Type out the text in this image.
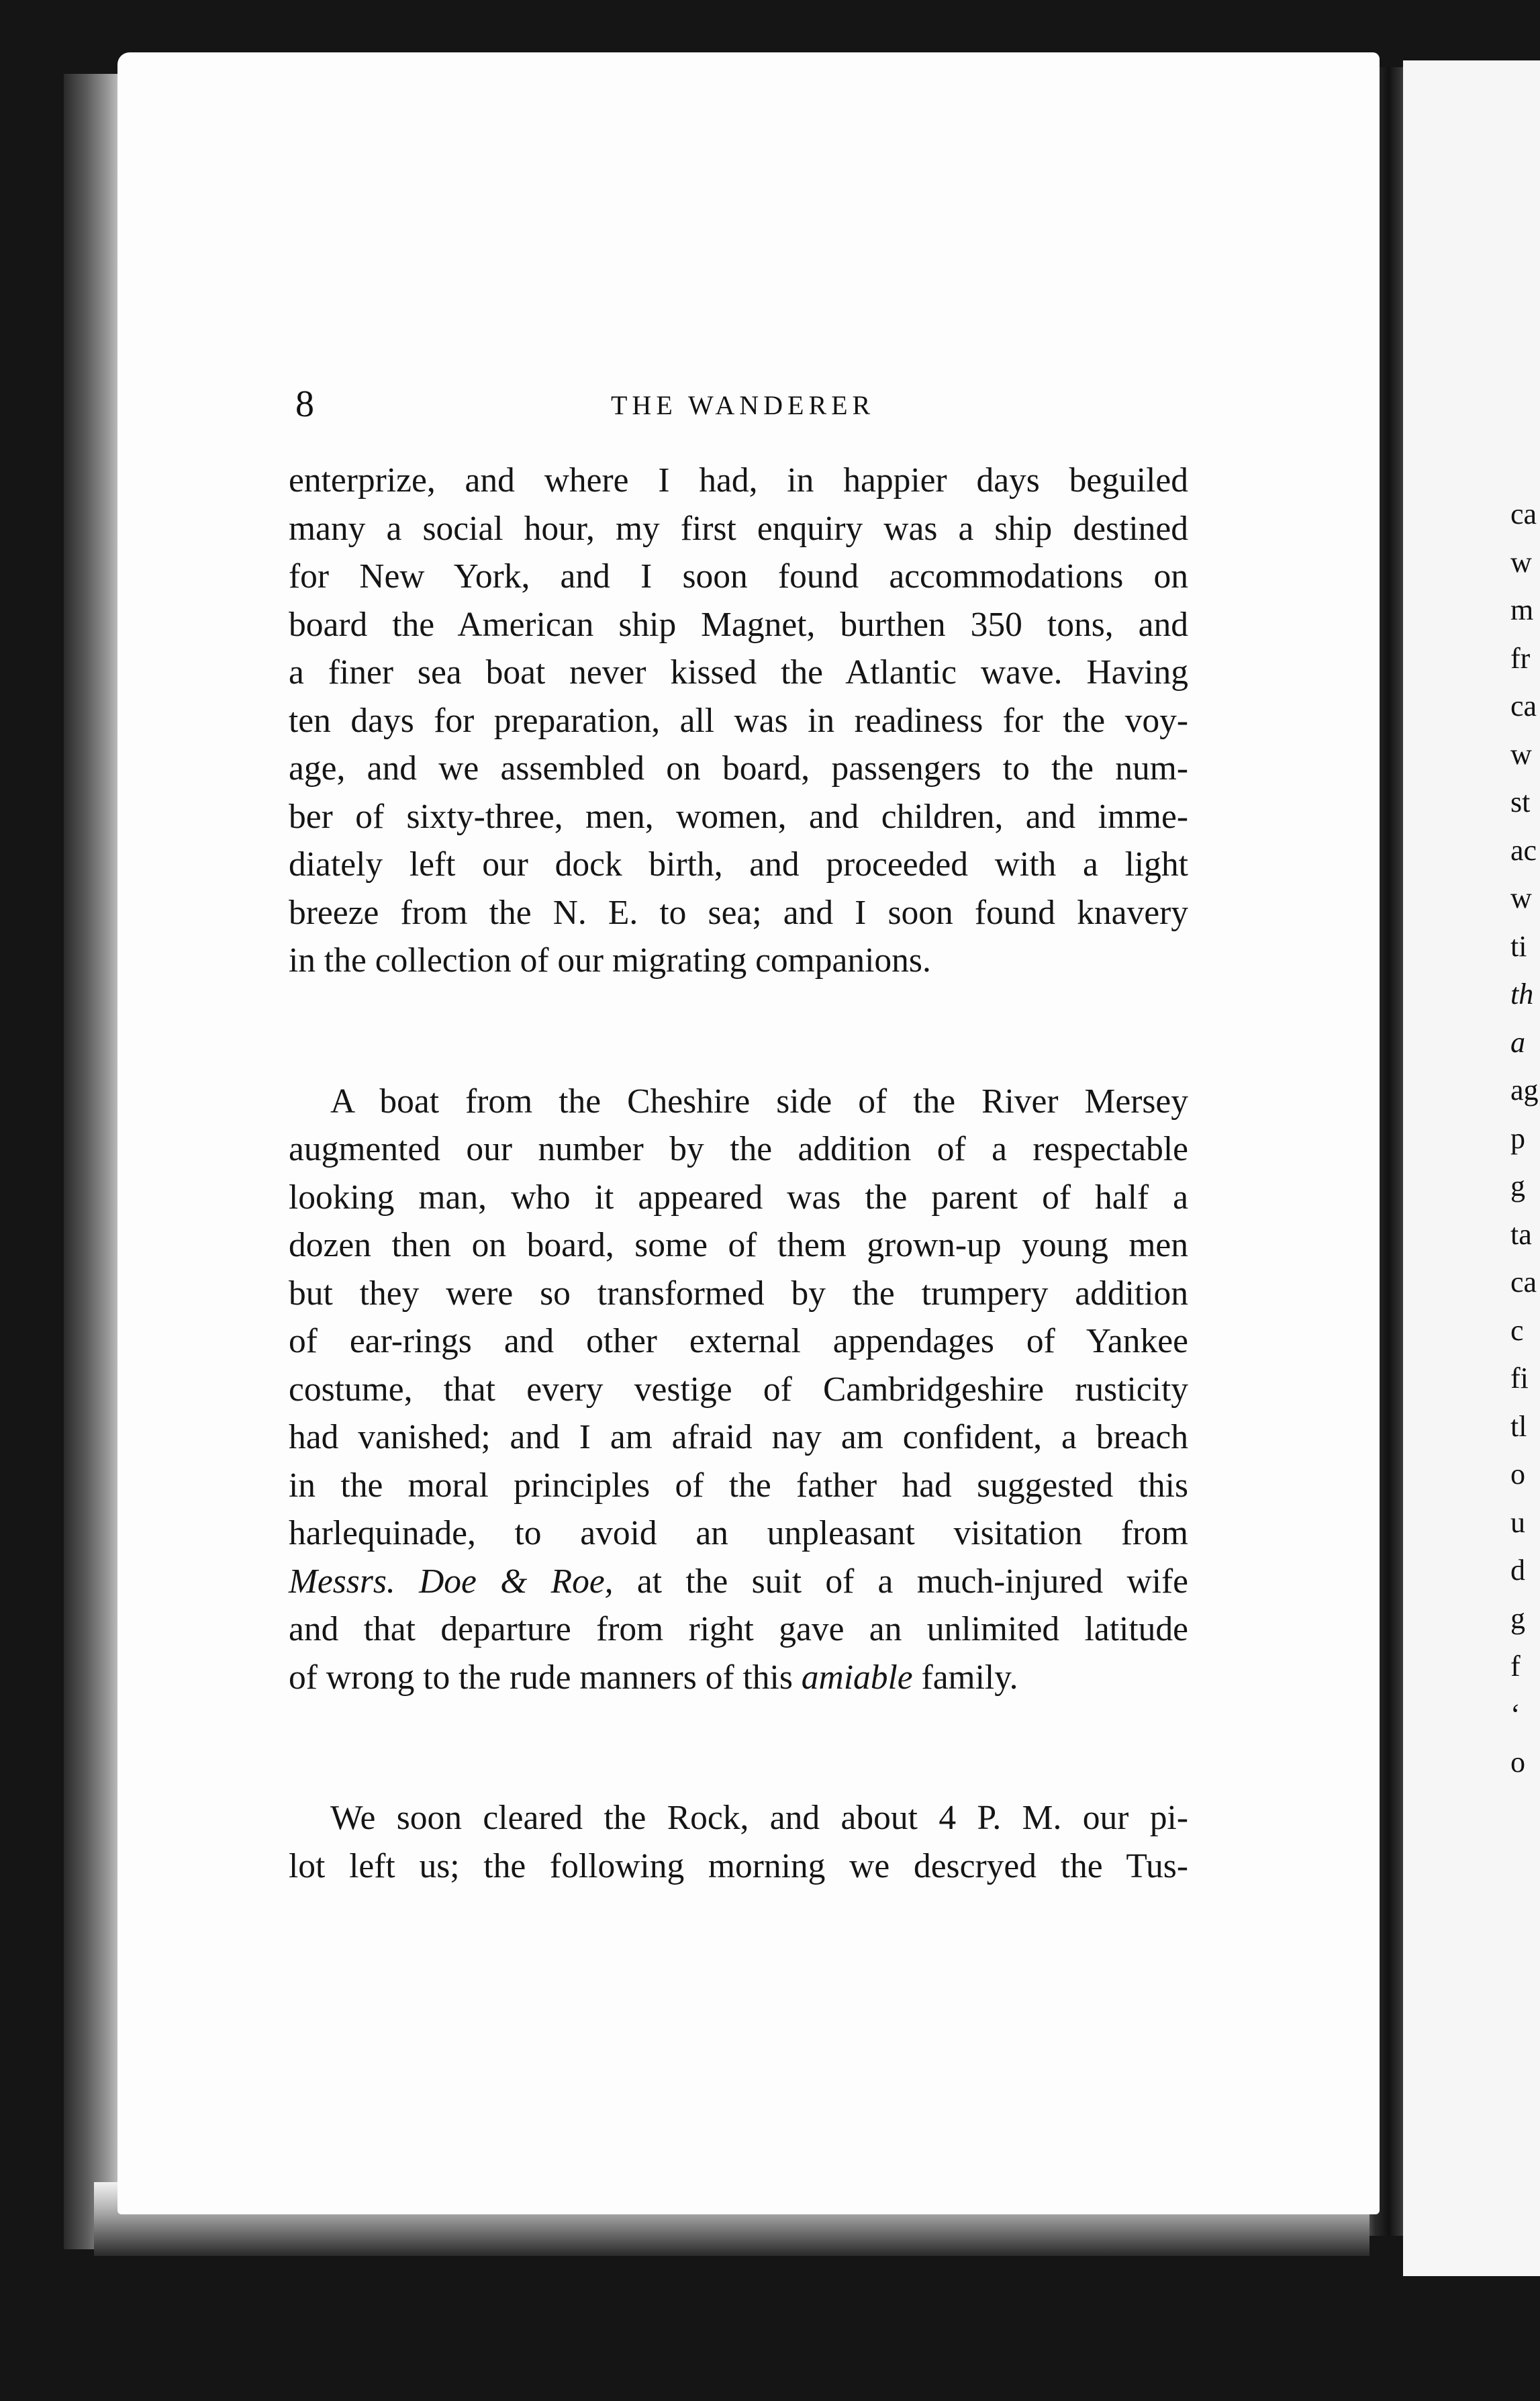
8	THE WANDERER
enterprize, and where I had, in happier days beguiled
many a social hour, my first enquiry was a ship destined
for New York, and I soon found accommodations on
board the American ship Magnet, burthen 350 tons, and
a finer sea boat never kissed the Atlantic wave. Having
ten days for preparation, all was in readiness for the voy-
age, and we assembled on board, passengers to the num-
ber of sixty-three, men, women, and children, and imme-
diately left our dock birth, and proceeded with a light
breeze from the N. E. to sea; and I soon found knavery
in the collection of our migrating companions.
A boat from the Cheshire side of the River Mersey
augmented our number by the addition of a respectable
looking man, who it appeared was the parent of half a
dozen then on board, some of them grown-up young men
but they were so transformed by the trumpery addition
of ear-rings and other external appendages of Yankee
costume, that every vestige of Cambridgeshire rusticity
had vanished; and I am afraid nay am confident, a breach
in the moral principles of the father had suggested this
harlequinade, to avoid an unpleasant visitation from
Messrs. Doe & Roe, at the suit of a much-injured wife
and that departure from right gave an unlimited latitude
of wrong to the rude manners of this amiable family.
We soon cleared the Rock, and about 4 P. M. our pi-
lot left us; the following morning we descryed the Tus-
ca
w
m
fr
ca
w
st
ac
w
ti
th
a
ag
p
g
ta
ca
c
fi
tl
o
u
d
g
f
‘
o
